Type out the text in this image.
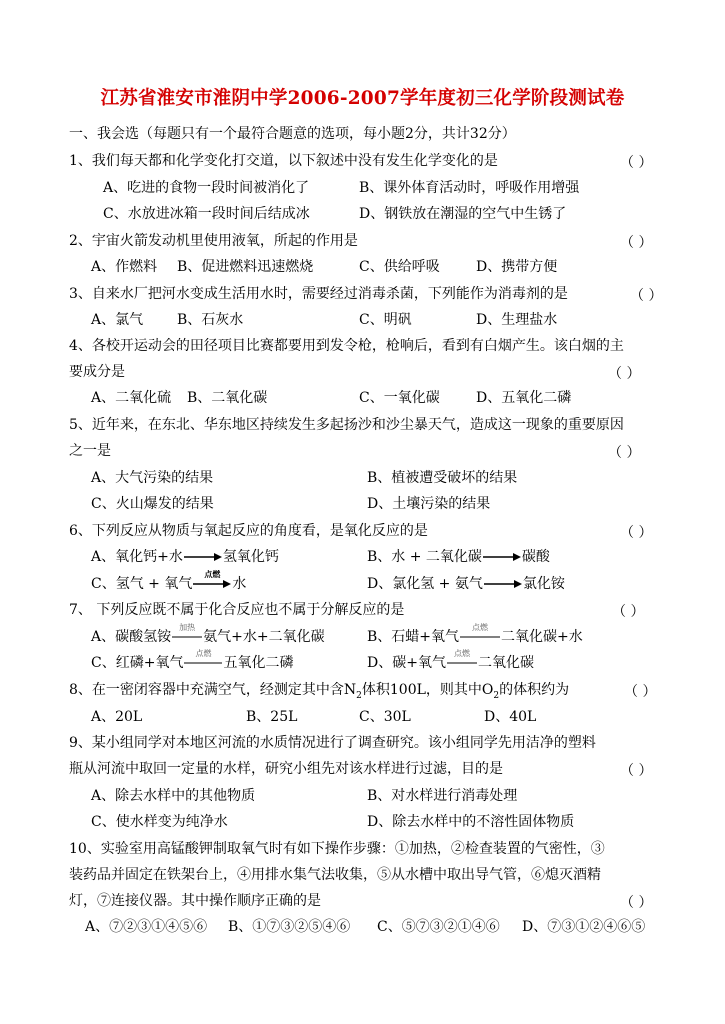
江苏省淮安市淮阴中学2006-2007学年度初三化学阶段测试卷
一、我会选（每题只有一个最符合题意的选项，每小题2分，共计32分）
1、我们每天都和化学变化打交道，以下叙述中没有发生化学变化的是	（ ）
A、吃进的食物一段时间被消化了	B、课外体育活动时，呼吸作用增强
C、水放进冰箱一段时间后结成冰	D、钢铁放在潮湿的空气中生锈了
2、宇宙火箭发动机里使用液氧，所起的作用是	（ ）
A、作燃料 B、促进燃料迅速燃烧	C、供给呼吸	D、携带方便
3、自来水厂把河水变成生活用水时，需要经过消毒杀菌，下列能作为消毒剂的是	（ ）
A、氯气 B、石灰水	C、明矾	D、生理盐水
4、各校开运动会的田径项目比赛都要用到发令枪，枪响后，看到有白烟产生。该白烟的主
要成分是	（ ）
A、二氧化硫 B、二氧化碳	C、一氧化碳	D、五氧化二磷
5、近年来，在东北、华东地区持续发生多起扬沙和沙尘暴天气，造成这一现象的重要原因
之一是	（ ）
A、大气污染的结果	B、植被遭受破坏的结果
C、火山爆发的结果	D、土壤污染的结果
6、下列反应从物质与氧起反应的角度看，是氧化反应的是	（ ）
A、氧化钙+水→氢氧化钙	B、水 + 二氧化碳→碳酸
C、氢气 + 氧气
点燃
水	D、氯化氢 + 氨气→氯化铵
7、 下列反应既不属于化合反应也不属于分解反应的是	（ ）
A、碳酸氢铵
加热
氨气+水+二氧化碳	B、石蜡+氧气
点燃
二氧化碳+水
C、红磷+氧气
点燃
五氧化二磷	D、碳+氧气
点燃
二氧化碳
8、在一密闭容器中充满空气，经测定其中含$N_2$体积100L，则其中$O_2$的体积约为	（ ）
A、20L	B、25L	C、30L	D、40L
9、某小组同学对本地区河流的水质情况进行了调查研究。该小组同学先用洁净的塑料
瓶从河流中取回一定量的水样，研究小组先对该水样进行过滤，目的是	（ ）
A、除去水样中的其他物质	B、对水样进行消毒处理
C、使水样变为纯净水	D、除去水样中的不溶性固体物质
10、实验室用高锰酸钾制取氧气时有如下操作步骤：①加热，②检查装置的气密性，③
装药品并固定在铁架台上，④用排水集气法收集，⑤从水槽中取出导气管，⑥熄灭酒精
灯，⑦连接仪器。其中操作顺序正确的是	（ ）
A、⑦②③①④⑤⑥ B、①⑦③②⑤④⑥ C、⑤⑦③②①④⑥ D、⑦③①②④⑥⑤
